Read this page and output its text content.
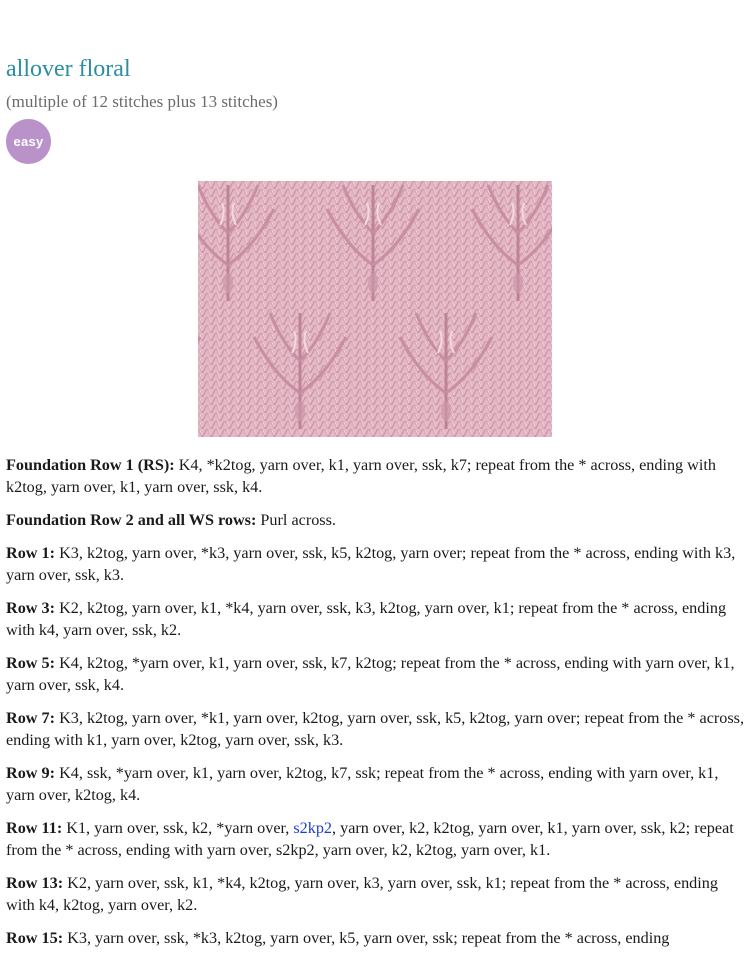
allover floral
(multiple of 12 stitches plus 13 stitches)
easy

Foundation Row 1 (RS): K4, *k2tog, yarn over, k1, yarn over, ssk, k7; repeat from the * across, ending with k2tog, yarn over, k1, yarn over, ssk, k4.

Foundation Row 2 and all WS rows: Purl across.

Row 1: K3, k2tog, yarn over, *k3, yarn over, ssk, k5, k2tog, yarn over; repeat from the * across, ending with k3, yarn over, ssk, k3.

Row 3: K2, k2tog, yarn over, k1, *k4, yarn over, ssk, k3, k2tog, yarn over, k1; repeat from the * across, ending with k4, yarn over, ssk, k2.

Row 5: K4, k2tog, *yarn over, k1, yarn over, ssk, k7, k2tog; repeat from the * across, ending with yarn over, k1, yarn over, ssk, k4.

Row 7: K3, k2tog, yarn over, *k1, yarn over, k2tog, yarn over, ssk, k5, k2tog, yarn over; repeat from the * across, ending with k1, yarn over, k2tog, yarn over, ssk, k3.

Row 9: K4, ssk, *yarn over, k1, yarn over, k2tog, k7, ssk; repeat from the * across, ending with yarn over, k1, yarn over, k2tog, k4.

Row 11: K1, yarn over, ssk, k2, *yarn over, s2kp2, yarn over, k2, k2tog, yarn over, k1, yarn over, ssk, k2; repeat from the * across, ending with yarn over, s2kp2, yarn over, k2, k2tog, yarn over, k1.

Row 13: K2, yarn over, ssk, k1, *k4, k2tog, yarn over, k3, yarn over, ssk, k1; repeat from the * across, ending with k4, k2tog, yarn over, k2.

Row 15: K3, yarn over, ssk, *k3, k2tog, yarn over, k5, yarn over, ssk; repeat from the * across, ending
